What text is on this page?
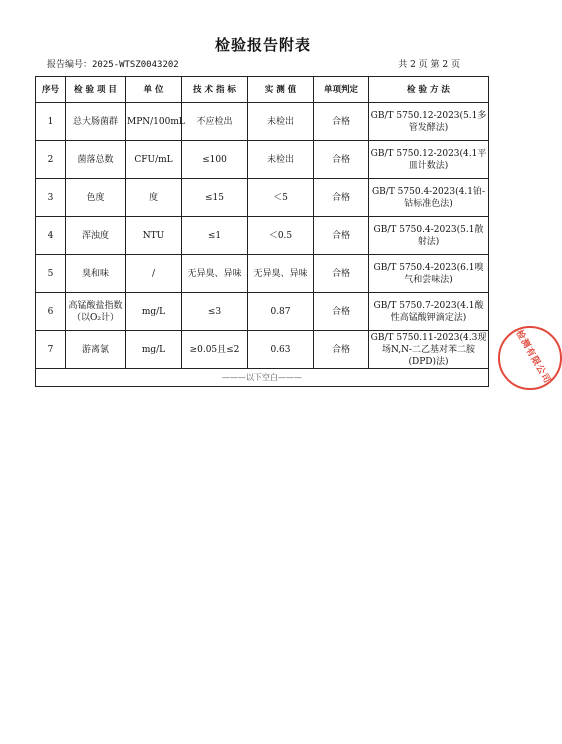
检验报告附表
报告编号：2025-WTSZ0043202	共 2 页 第 2 页
序号	检 验 项 目	单 位	技 术 指 标	实 测 值	单项判定	检 验 方 法
1	总大肠菌群	MPN/100mL	不应检出	未检出	合格	GB/T 5750.12-2023(5.1多管发酵法)
2	菌落总数	CFU/mL	≤100	未检出	合格	GB/T 5750.12-2023(4.1平皿计数法)
3	色度	度	≤15	＜5	合格	GB/T 5750.4-2023(4.1铂-钴标准色法)
4	浑浊度	NTU	≤1	＜0.5	合格	GB/T 5750.4-2023(5.1散射法)
5	臭和味	/	无异臭、异味	无异臭、异味	合格	GB/T 5750.4-2023(6.1嗅气和尝味法)
6	高锰酸盐指数（以O₂计）	mg/L	≤3	0.87	合格	GB/T 5750.7-2023(4.1酸性高锰酸钾滴定法)
7	游离氯	mg/L	≥0.05且≤2	0.63	合格	GB/T 5750.11-2023(4.3现场N,N-二乙基对苯二胺(DPD)法)
———以下空白———							检测有限公司
